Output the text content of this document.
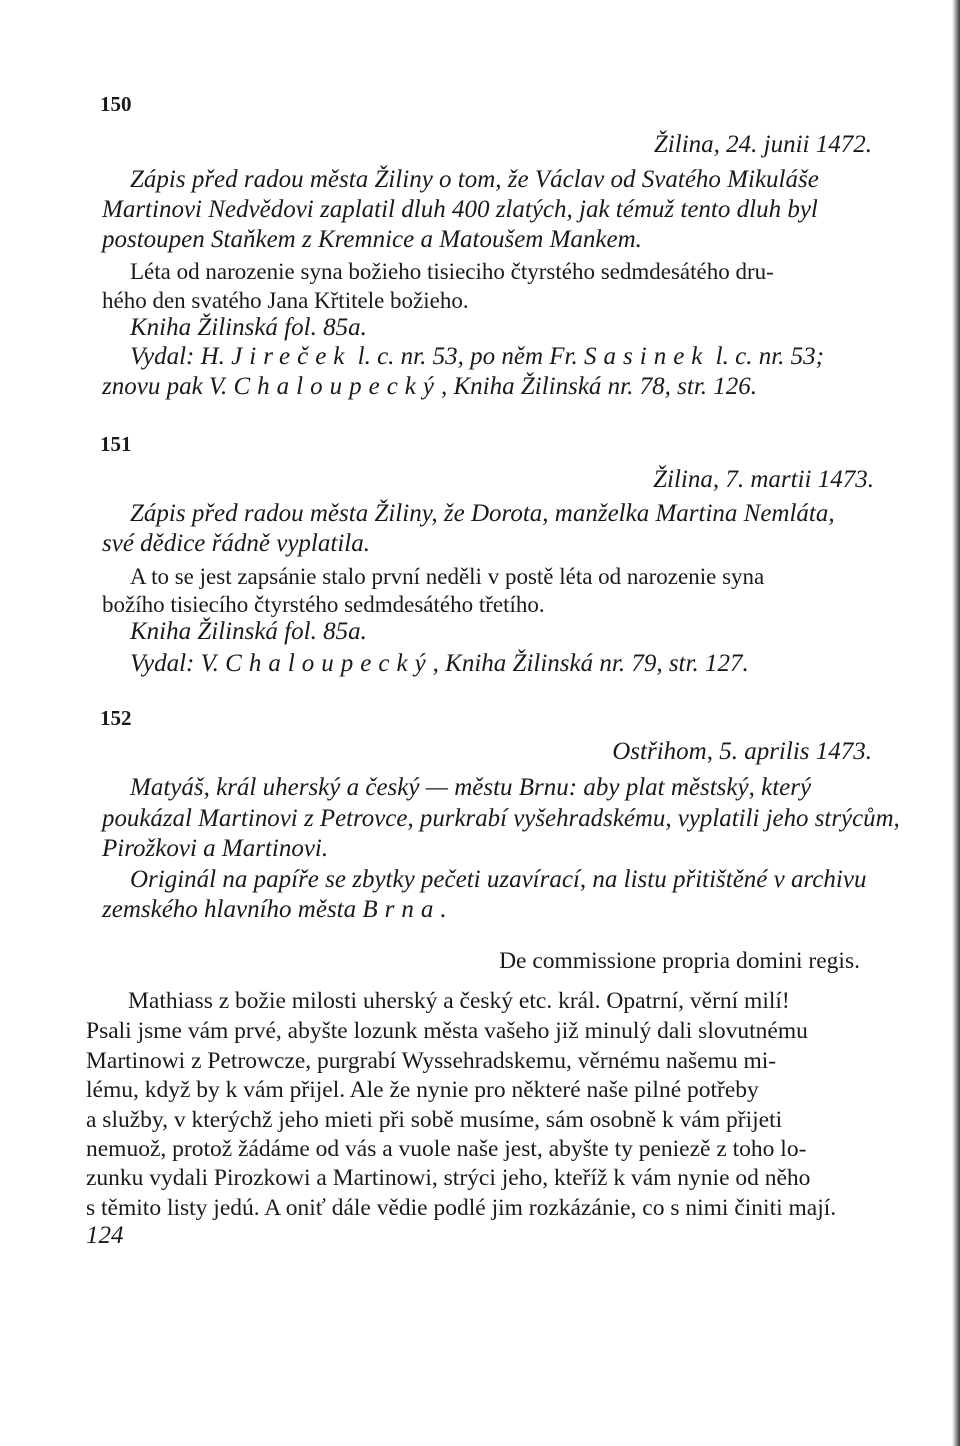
150
Žilina, 24. junii 1472.
Zápis před radou města Žiliny o tom, že Václav od Svatého Mikuláše
Martinovi Nedvědovi zaplatil dluh 400 zlatých, jak témuž tento dluh byl
postoupen Staňkem z Kremnice a Matoušem Mankem.
Léta od narozenie syna božieho tisieciho čtyrstého sedmdesátého dru-
hého den svatého Jana Křtitele božieho.
Kniha Žilinská fol. 85a.
Vydal: H. Jireček l. c. nr. 53, po něm Fr. Sasinek l. c. nr. 53;
znovu pak V. Chaloupecký, Kniha Žilinská nr. 78, str. 126.
151
Žilina, 7. martii 1473.
Zápis před radou města Žiliny, že Dorota, manželka Martina Nemláta,
své dědice řádně vyplatila.
A to se jest zapsánie stalo první neděli v postě léta od narozenie syna
božího tisiecího čtyrstého sedmdesátého třetího.
Kniha Žilinská fol. 85a.
Vydal: V. Chaloupecký, Kniha Žilinská nr. 79, str. 127.
152
Ostřihom, 5. aprilis 1473.
Matyáš, král uherský a český — městu Brnu: aby plat městský, který
poukázal Martinovi z Petrovce, purkrabí vyšehradskému, vyplatili jeho strýcům,
Pirožkovi a Martinovi.
Originál na papíře se zbytky pečeti uzavírací, na listu přitištěné v archivu
zemského hlavního města Brna.
De commissione propria domini regis.
Mathiass z božie milosti uherský a český etc. král. Opatrní, věrní milí!
Psali jsme vám prvé, abyšte lozunk města vašeho již minulý dali slovutnému
Martinowi z Petrowcze, purgrabí Wyssehradskemu, věrnému našemu mi-
lému, když by k vám přijel. Ale že nynie pro některé naše pilné potřeby
a služby, v kterýchž jeho mieti při sobě musíme, sám osobně k vám přijeti
nemuož, protož žádáme od vás a vuole naše jest, abyšte ty peniezě z toho lo-
zunku vydali Pirozkowi a Martinowi, strýci jeho, kteříž k vám nynie od něho
s těmito listy jedú. A oniť dále vědie podlé jim rozkázánie, co s nimi činiti mají.
124
